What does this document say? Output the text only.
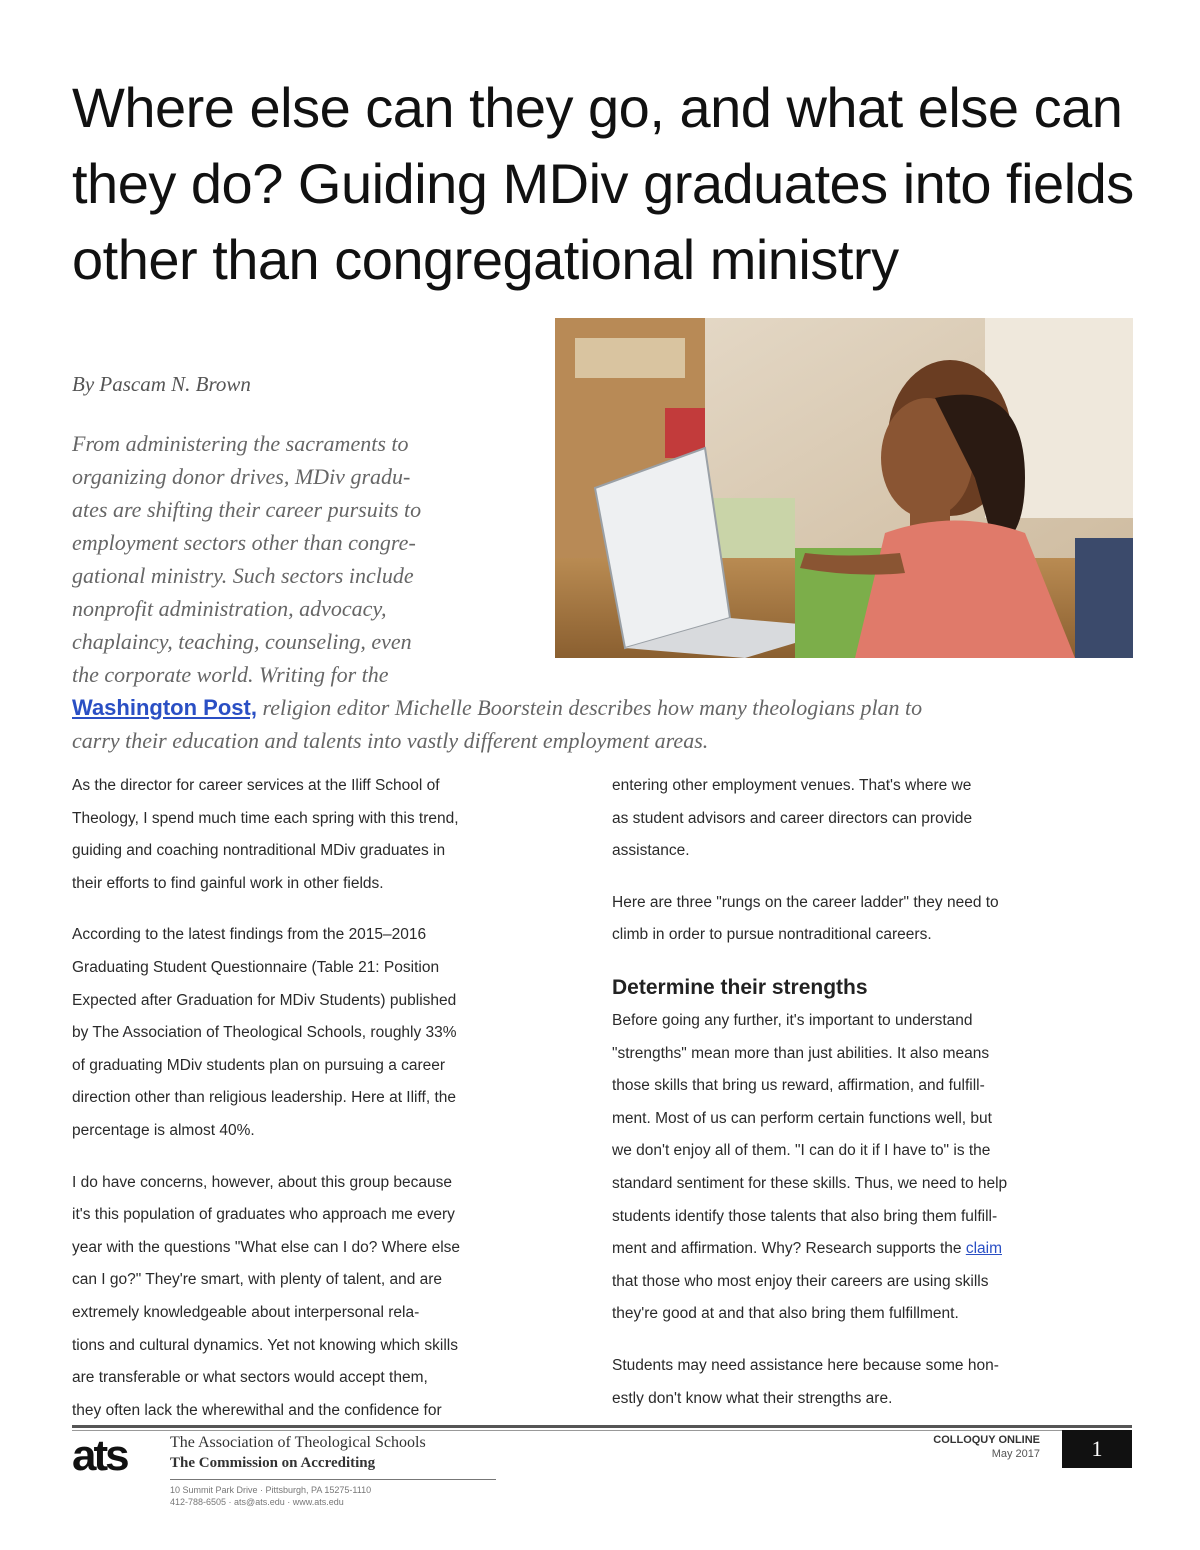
Where else can they go, and what else can they do? Guiding MDiv graduates into fields other than congregational ministry
By Pascam N. Brown
From administering the sacraments to
organizing donor drives, MDiv gradu-
ates are shifting their career pursuits to
employment sectors other than congre-
gational ministry. Such sectors include
nonprofit administration, advocacy,
chaplaincy, teaching, counseling, even
the corporate world. Writing for the
Washington Post, religion editor Michelle Boorstein describes how many theologians plan to
carry their education and talents into vastly different employment areas.

As the director for career services at the Iliff School of
Theology, I spend much time each spring with this trend,
guiding and coaching nontraditional MDiv graduates in
their efforts to find gainful work in other fields.

According to the latest findings from the 2015–2016
Graduating Student Questionnaire (Table 21: Position
Expected after Graduation for MDiv Students) published
by The Association of Theological Schools, roughly 33%
of graduating MDiv students plan on pursuing a career
direction other than religious leadership. Here at Iliff, the
percentage is almost 40%.

I do have concerns, however, about this group because
it's this population of graduates who approach me every
year with the questions "What else can I do? Where else
can I go?" They're smart, with plenty of talent, and are
extremely knowledgeable about interpersonal rela-
tions and cultural dynamics. Yet not knowing which skills
are transferable or what sectors would accept them,
they often lack the wherewithal and the confidence for

entering other employment venues. That's where we
as student advisors and career directors can provide
assistance.

Here are three "rungs on the career ladder" they need to
climb in order to pursue nontraditional careers.

Determine their strengths

Before going any further, it's important to understand
"strengths" mean more than just abilities. It also means
those skills that bring us reward, affirmation, and fulfill-
ment. Most of us can perform certain functions well, but
we don't enjoy all of them. "I can do it if I have to" is the
standard sentiment for these skills. Thus, we need to help
students identify those talents that also bring them fulfill-
ment and affirmation. Why? Research supports the claim
that those who most enjoy their careers are using skills
they're good at and that also bring them fulfillment.

Students may need assistance here because some hon-
estly don't know what their strengths are.

ats	The Association of Theological Schools
The Commission on Accrediting
10 Summit Park Drive · Pittsburgh, PA 15275-1110
412-788-6505 · ats@ats.edu · www.ats.edu
COLLOQUY ONLINE
May 2017	1
